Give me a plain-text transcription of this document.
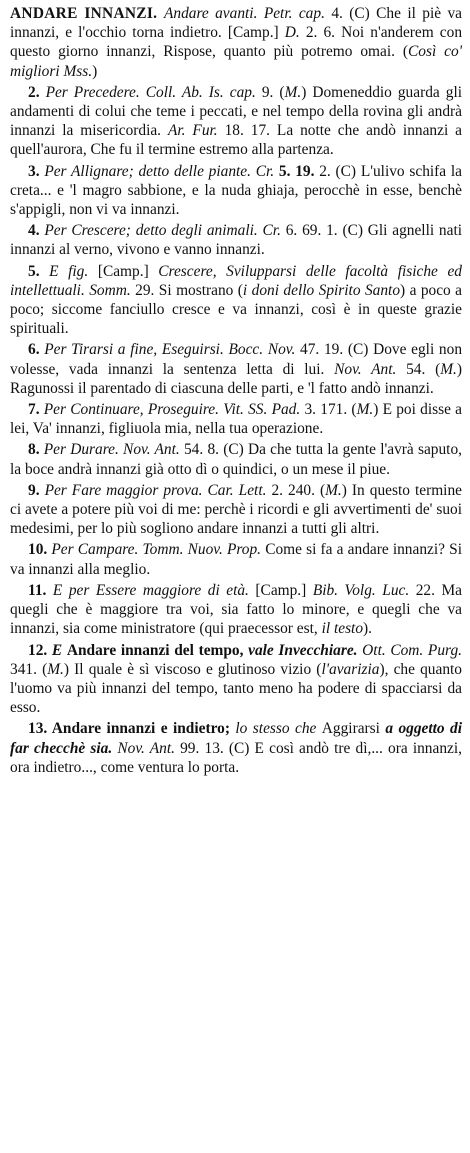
ANDARE INNANZI. Andare avanti. Petr. cap. 4. (C) Che il piè va innanzi, e l'occhio torna indietro. [Camp.] D. 2. 6. Noi n'anderem con questo giorno innanzi, Rispose, quanto più potremo omai. (Così co' migliori Mss.)

2. Per Precedere. Coll. Ab. Is. cap. 9. (M.) Domeneddio guarda gli andamenti di colui che teme i peccati, e nel tempo della rovina gli andrà innanzi la misericordia. Ar. Fur. 18. 17. La notte che andò innanzi a quell'aurora, Che fu il termine estremo alla partenza.

3. Per Allignare; detto delle piante. Cr. 5. 19. 2. (C) L'ulivo schifa la creta... e 'l magro sabbione, e la nuda ghiaja, perocchè in esse, benchè s'appigli, non vi va innanzi.

4. Per Crescere; detto degli animali. Cr. 6. 69. 1. (C) Gli agnelli nati innanzi al verno, vivono e vanno innanzi.

5. E fig. [Camp.] Crescere, Svilupparsi delle facoltà fisiche ed intellettuali. Somm. 29. Si mostrano (i doni dello Spirito Santo) a poco a poco; siccome fanciullo cresce e va innanzi, così è in queste grazie spirituali.

6. Per Tirarsi a fine, Eseguirsi. Bocc. Nov. 47. 19. (C) Dove egli non volesse, vada innanzi la sentenza letta di lui. Nov. Ant. 54. (M.) Ragunossi il parentado di ciascuna delle parti, e 'l fatto andò innanzi.

7. Per Continuare, Proseguire. Vit. SS. Pad. 3. 171. (M.) E poi disse a lei, Va' innanzi, figliuola mia, nella tua operazione.

8. Per Durare. Nov. Ant. 54. 8. (C) Da che tutta la gente l'avrà saputo, la boce andrà innanzi già otto dì o quindici, o un mese il piue.

9. Per Fare maggior prova. Car. Lett. 2. 240. (M.) In questo termine ci avete a potere più voi di me: perchè i ricordi e gli avvertimenti de' suoi medesimi, per lo più sogliono andare innanzi a tutti gli altri.

10. Per Campare. Tomm. Nuov. Prop. Come si fa a andare innanzi? Si va innanzi alla meglio.

11. E per Essere maggiore di età. [Camp.] Bib. Volg. Luc. 22. Ma quegli che è maggiore tra voi, sia fatto lo minore, e quegli che va innanzi, sia come ministratore (qui praecessor est, il testo).

12. E Andare innanzi del tempo, vale Invecchiare. Ott. Com. Purg. 341. (M.) Il quale è sì viscoso e glutinoso vizio (l'avarizia), che quanto l'uomo va più innanzi del tempo, tanto meno ha podere di spacciarsi da esso.

13. Andare innanzi e indietro; lo stesso che Aggirarsi a oggetto di far checchè sia. Nov. Ant. 99. 13. (C) E così andò tre dì,... ora innanzi, ora indietro..., come ventura lo porta.
